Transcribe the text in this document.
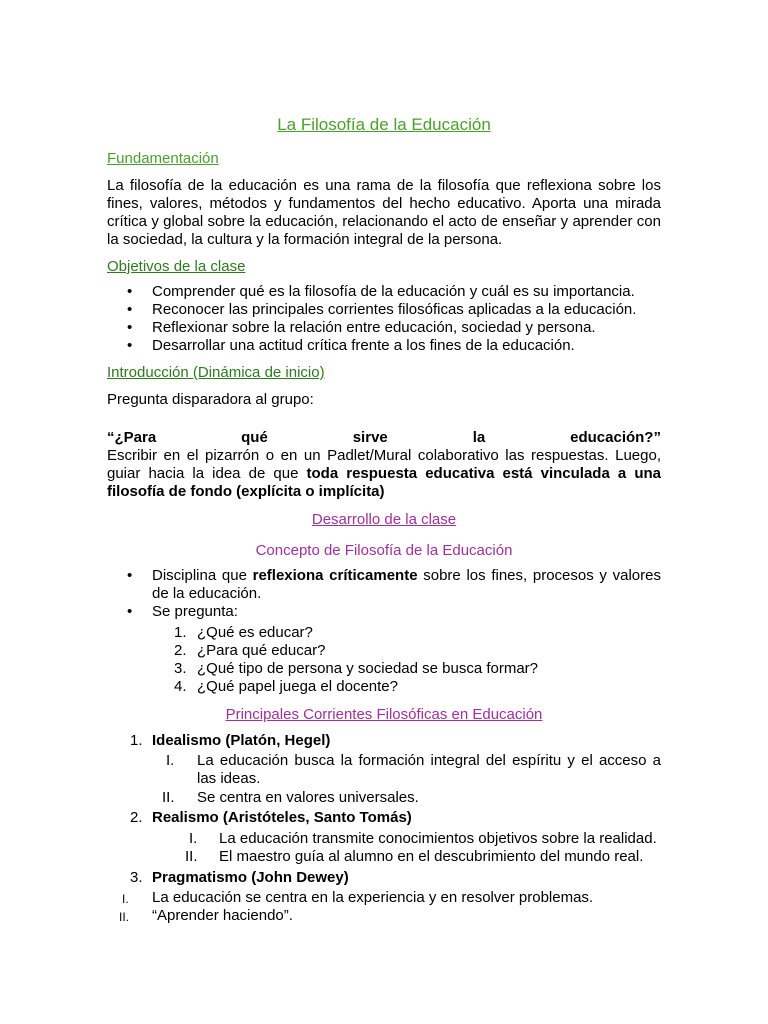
La Filosofía de la Educación
Fundamentación
La filosofía de la educación es una rama de la filosofía que reflexiona sobre los fines, valores, métodos y fundamentos del hecho educativo. Aporta una mirada crítica y global sobre la educación, relacionando el acto de enseñar y aprender con la sociedad, la cultura y la formación integral de la persona.
Objetivos de la clase
• Comprender qué es la filosofía de la educación y cuál es su importancia.
• Reconocer las principales corrientes filosóficas aplicadas a la educación.
• Reflexionar sobre la relación entre educación, sociedad y persona.
• Desarrollar una actitud crítica frente a los fines de la educación.
Introducción (Dinámica de inicio)
Pregunta disparadora al grupo:
“¿Para	qué	sirve	la	educación?”
Escribir en el pizarrón o en un Padlet/Mural colaborativo las respuestas. Luego, guiar hacia la idea de que toda respuesta educativa está vinculada a una filosofía de fondo (explícita o implícita)
Desarrollo de la clase
Concepto de Filosofía de la Educación
• Disciplina que reflexiona críticamente sobre los fines, procesos y valores de la educación.
• Se pregunta:
1. ¿Qué es educar?
2. ¿Para qué educar?
3. ¿Qué tipo de persona y sociedad se busca formar?
4. ¿Qué papel juega el docente?
Principales Corrientes Filosóficas en Educación
1. Idealismo (Platón, Hegel)
I. La educación busca la formación integral del espíritu y el acceso a las ideas.
II. Se centra en valores universales.
2. Realismo (Aristóteles, Santo Tomás)
I. La educación transmite conocimientos objetivos sobre la realidad.
II. El maestro guía al alumno en el descubrimiento del mundo real.
3. Pragmatismo (John Dewey)
I. La educación se centra en la experiencia y en resolver problemas.
II. “Aprender haciendo”.
